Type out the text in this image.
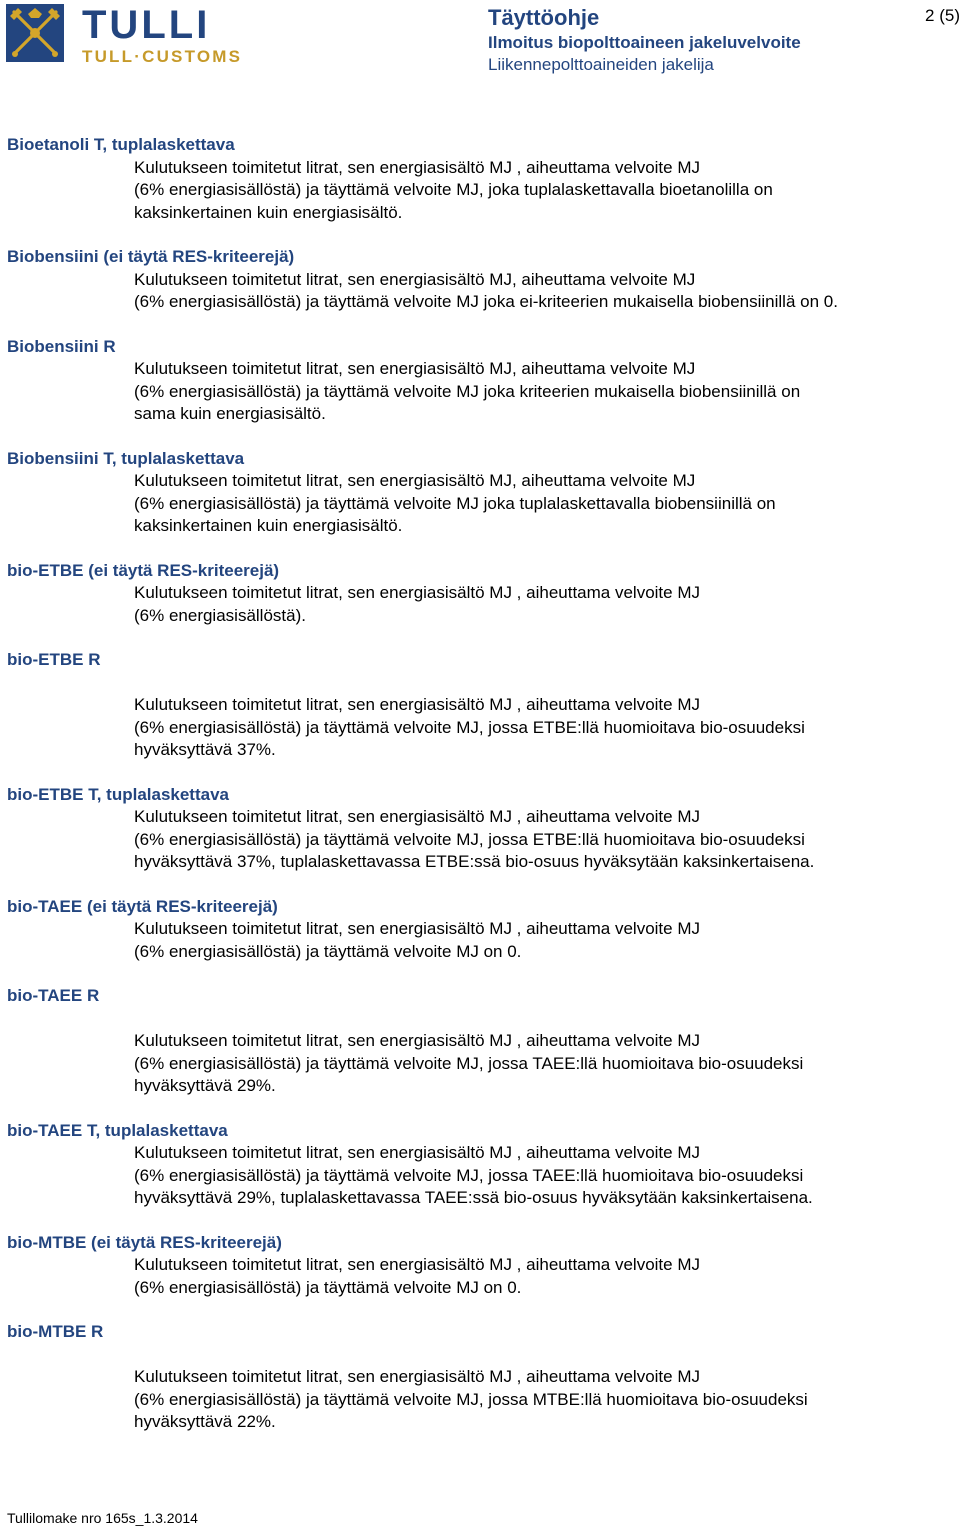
TULLI
TULL·CUSTOMS
Täyttöohje
Ilmoitus biopolttoaineen jakeluvelvoite
Liikennepolttoaineiden jakelija
2 (5)
Bioetanoli T, tuplalaskettava
Kulutukseen toimitetut litrat, sen energiasisältö MJ , aiheuttama velvoite MJ
(6% energiasisällöstä) ja täyttämä velvoite MJ, joka tuplalaskettavalla bioetanolilla on
kaksinkertainen kuin energiasisältö.
Biobensiini (ei täytä RES-kriteerejä)
Kulutukseen toimitetut litrat, sen energiasisältö MJ, aiheuttama velvoite MJ
(6% energiasisällöstä) ja täyttämä velvoite MJ joka ei-kriteerien mukaisella biobensiinillä on 0.
Biobensiini R
Kulutukseen toimitetut litrat, sen energiasisältö MJ, aiheuttama velvoite MJ
(6% energiasisällöstä) ja täyttämä velvoite MJ joka kriteerien mukaisella biobensiinillä on
sama kuin energiasisältö.
Biobensiini T, tuplalaskettava
Kulutukseen toimitetut litrat, sen energiasisältö MJ, aiheuttama velvoite MJ
(6% energiasisällöstä) ja täyttämä velvoite MJ joka tuplalaskettavalla biobensiinillä on
kaksinkertainen kuin energiasisältö.
bio-ETBE (ei täytä RES-kriteerejä)
Kulutukseen toimitetut litrat, sen energiasisältö MJ , aiheuttama velvoite MJ
(6% energiasisällöstä).
bio-ETBE R
Kulutukseen toimitetut litrat, sen energiasisältö MJ , aiheuttama velvoite MJ
(6% energiasisällöstä) ja täyttämä velvoite MJ, jossa ETBE:llä huomioitava bio-osuudeksi
hyväksyttävä 37%.
bio-ETBE T, tuplalaskettava
Kulutukseen toimitetut litrat, sen energiasisältö MJ , aiheuttama velvoite MJ
(6% energiasisällöstä) ja täyttämä velvoite MJ, jossa ETBE:llä huomioitava bio-osuudeksi
hyväksyttävä 37%, tuplalaskettavassa ETBE:ssä bio-osuus hyväksytään kaksinkertaisena.
bio-TAEE (ei täytä RES-kriteerejä)
Kulutukseen toimitetut litrat, sen energiasisältö MJ , aiheuttama velvoite MJ
(6% energiasisällöstä) ja täyttämä velvoite MJ on 0.
bio-TAEE R
Kulutukseen toimitetut litrat, sen energiasisältö MJ , aiheuttama velvoite MJ
(6% energiasisällöstä) ja täyttämä velvoite MJ, jossa TAEE:llä huomioitava bio-osuudeksi
hyväksyttävä 29%.
bio-TAEE T, tuplalaskettava
Kulutukseen toimitetut litrat, sen energiasisältö MJ , aiheuttama velvoite MJ
(6% energiasisällöstä) ja täyttämä velvoite MJ, jossa TAEE:llä huomioitava bio-osuudeksi
hyväksyttävä 29%, tuplalaskettavassa TAEE:ssä bio-osuus hyväksytään kaksinkertaisena.
bio-MTBE (ei täytä RES-kriteerejä)
Kulutukseen toimitetut litrat, sen energiasisältö MJ , aiheuttama velvoite MJ
(6% energiasisällöstä) ja täyttämä velvoite MJ on 0.
bio-MTBE R
Kulutukseen toimitetut litrat, sen energiasisältö MJ , aiheuttama velvoite MJ
(6% energiasisällöstä) ja täyttämä velvoite MJ, jossa MTBE:llä huomioitava bio-osuudeksi
hyväksyttävä 22%.
Tullilomake nro 165s_1.3.2014
